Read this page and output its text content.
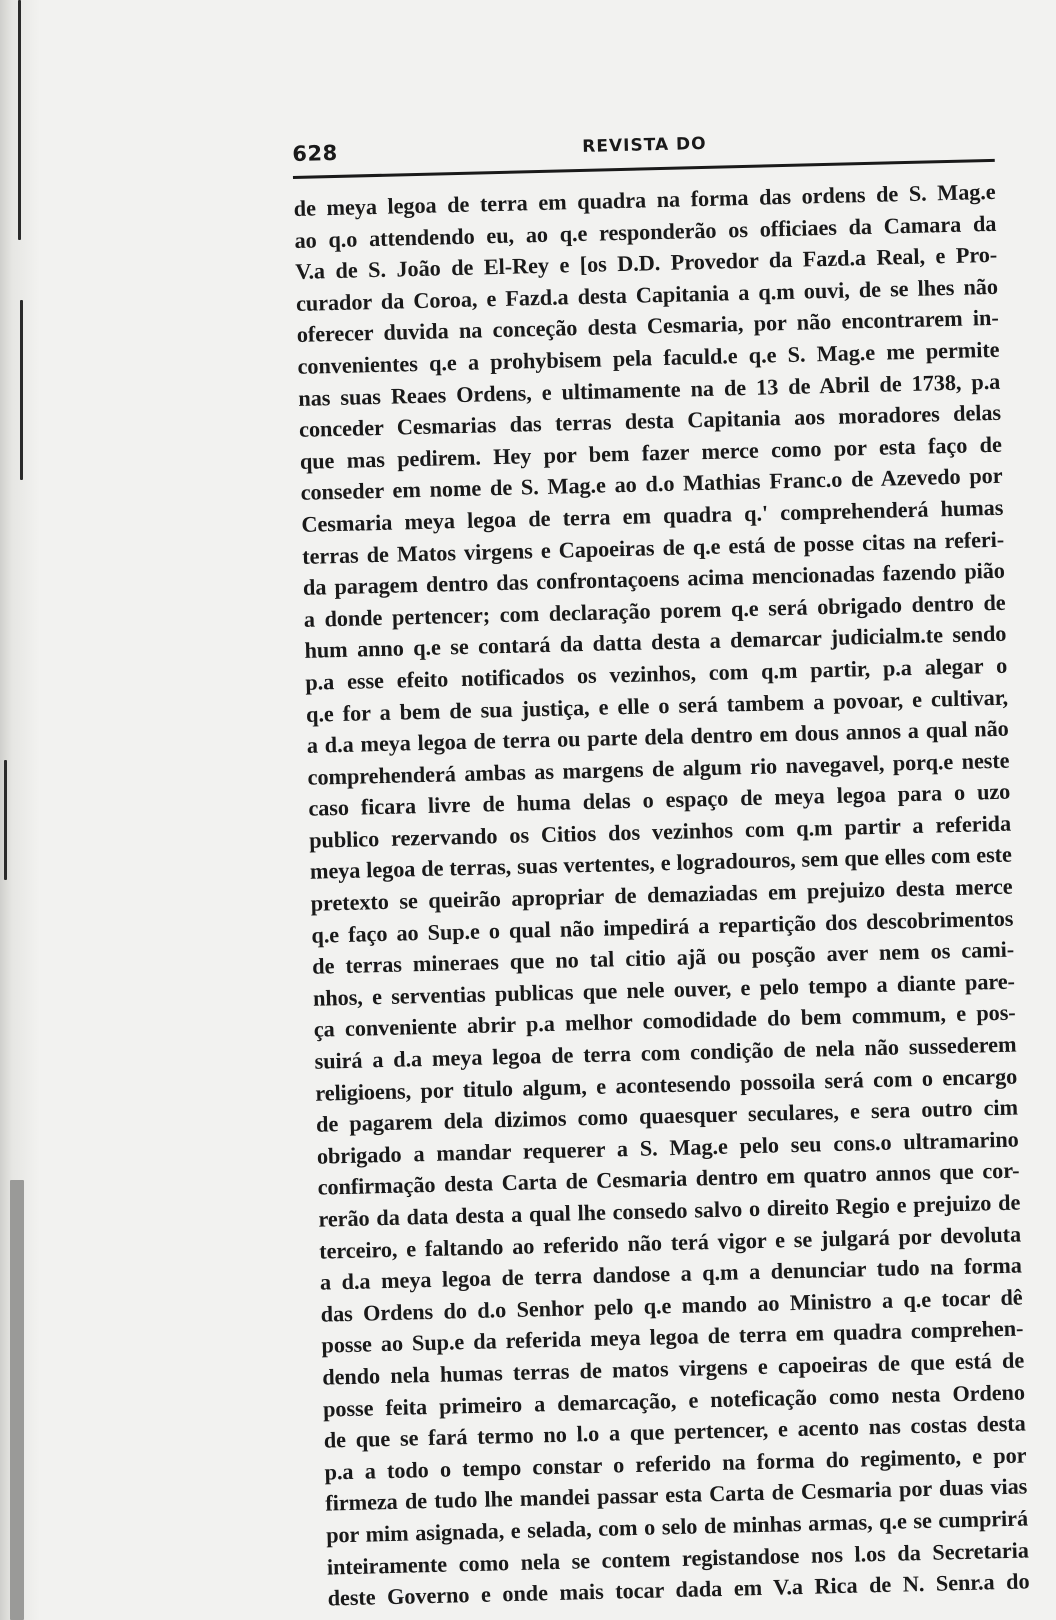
628	REVISTA DO
de meya legoa de terra em quadra na forma das ordens de S. Mag.e
ao q.o attendendo eu, ao q.e responderão os officiaes da Camara da
V.a de S. João de El-Rey e [os D.D. Provedor da Fazd.a Real, e Pro-
curador da Coroa, e Fazd.a desta Capitania a q.m ouvi, de se lhes não
oferecer duvida na conceção desta Cesmaria, por não encontrarem in-
convenientes q.e a prohybisem pela faculd.e q.e S. Mag.e me permite
nas suas Reaes Ordens, e ultimamente na de 13 de Abril de 1738, p.a
conceder Cesmarias das terras desta Capitania aos moradores delas
que mas pedirem. Hey por bem fazer merce como por esta faço de
conseder em nome de S. Mag.e ao d.o Mathias Franc.o de Azevedo por
Cesmaria meya legoa de terra em quadra q.' comprehenderá humas
terras de Matos virgens e Capoeiras de q.e está de posse citas na referi-
da paragem dentro das confrontaçoens acima mencionadas fazendo pião
a donde pertencer; com declaração porem q.e será obrigado dentro de
hum anno q.e se contará da datta desta a demarcar judicialm.te sendo
p.a esse efeito notificados os vezinhos, com q.m partir, p.a alegar o
q.e for a bem de sua justiça, e elle o será tambem a povoar, e cultivar,
a d.a meya legoa de terra ou parte dela dentro em dous annos a qual não
comprehenderá ambas as margens de algum rio navegavel, porq.e neste
caso ficara livre de huma delas o espaço de meya legoa para o uzo
publico rezervando os Citios dos vezinhos com q.m partir a referida
meya legoa de terras, suas vertentes, e logradouros, sem que elles com este
pretexto se queirão apropriar de demaziadas em prejuizo desta merce
q.e faço ao Sup.e o qual não impedirá a repartição dos descobrimentos
de terras mineraes que no tal citio ajã ou posção aver nem os cami-
nhos, e serventias publicas que nele ouver, e pelo tempo a diante pare-
ça conveniente abrir p.a melhor comodidade do bem commum, e pos-
suirá a d.a meya legoa de terra com condição de nela não sussederem
religioens, por titulo algum, e acontesendo possoila será com o encargo
de pagarem dela dizimos como quaesquer seculares, e sera outro cim
obrigado a mandar requerer a S. Mag.e pelo seu cons.o ultramarino
confirmação desta Carta de Cesmaria dentro em quatro annos que cor-
rerão da data desta a qual lhe consedo salvo o direito Regio e prejuizo de
terceiro, e faltando ao referido não terá vigor e se julgará por devoluta
a d.a meya legoa de terra dandose a q.m a denunciar tudo na forma
das Ordens do d.o Senhor pelo q.e mando ao Ministro a q.e tocar dê
posse ao Sup.e da referida meya legoa de terra em quadra comprehen-
dendo nela humas terras de matos virgens e capoeiras de que está de
posse feita primeiro a demarcação, e noteficação como nesta Ordeno
de que se fará termo no l.o a que pertencer, e acento nas costas desta
p.a a todo o tempo constar o referido na forma do regimento, e por
firmeza de tudo lhe mandei passar esta Carta de Cesmaria por duas vias
por mim asignada, e selada, com o selo de minhas armas, q.e se cumprirá
inteiramente como nela se contem registandose nos l.os da Secretaria
deste Governo e onde mais tocar dada em V.a Rica de N. Senr.a do
